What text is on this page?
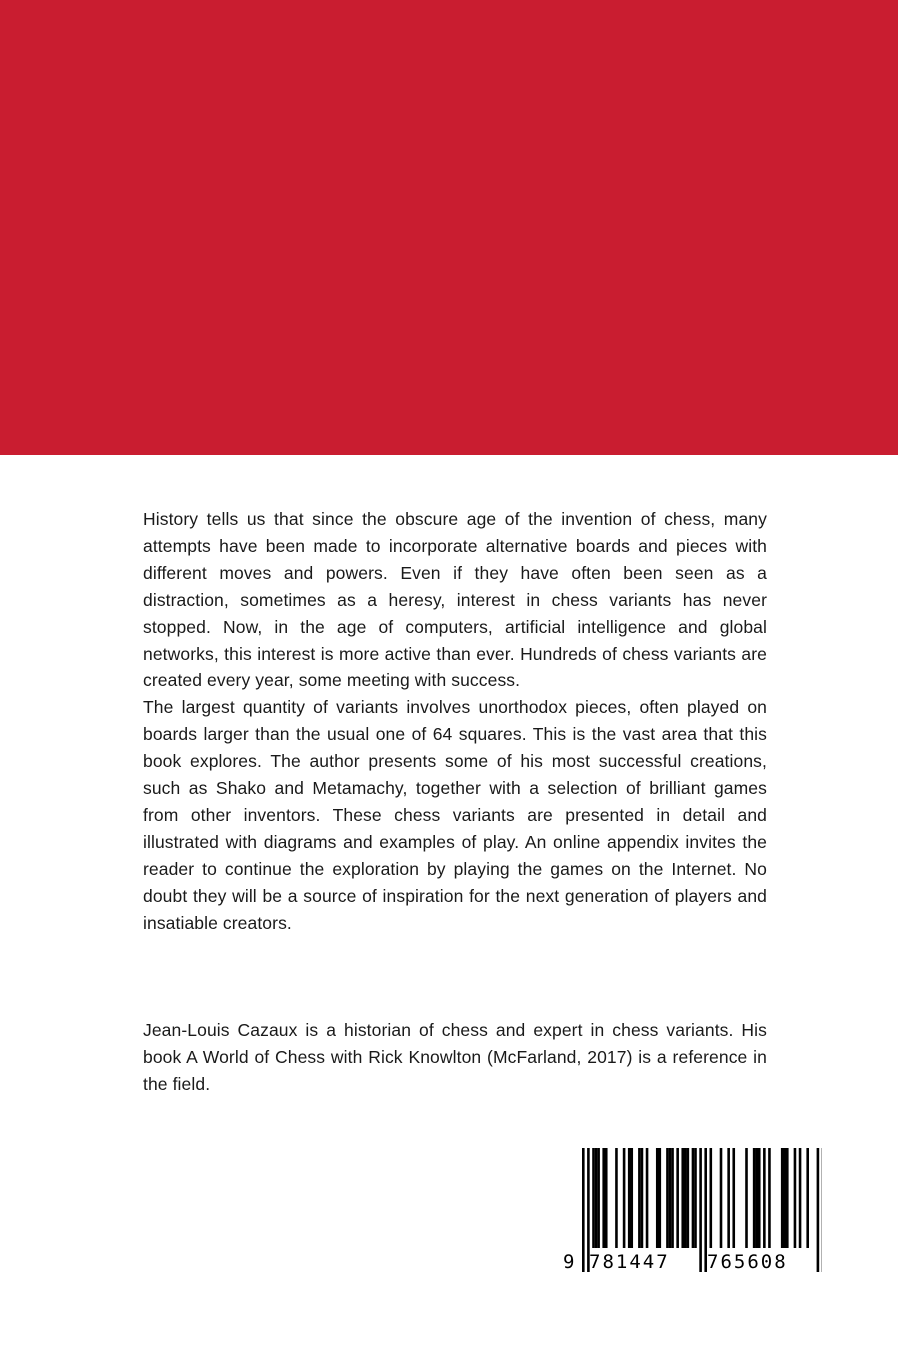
History tells us that since the obscure age of the invention of chess, many attempts have been made to incorporate alternative boards and pieces with different moves and powers. Even if they have often been seen as a distraction, sometimes as a heresy, interest in chess variants has never stopped. Now, in the age of computers, artificial intelligence and global networks, this interest is more active than ever. Hundreds of chess variants are created every year, some meeting with success.

The largest quantity of variants involves unorthodox pieces, often played on boards larger than the usual one of 64 squares. This is the vast area that this book explores. The author presents some of his most successful creations, such as Shako and Metamachy, together with a selection of brilliant games from other inventors. These chess variants are presented in detail and illustrated with diagrams and examples of play. An online appendix invites the reader to continue the exploration by playing the games on the Internet. No doubt they will be a source of inspiration for the next generation of players and insatiable creators.

Jean-Louis Cazaux is a historian of chess and expert in chess variants. His book A World of Chess with Rick Knowlton (McFarland, 2017) is a reference in the field.

9 781447 765608
